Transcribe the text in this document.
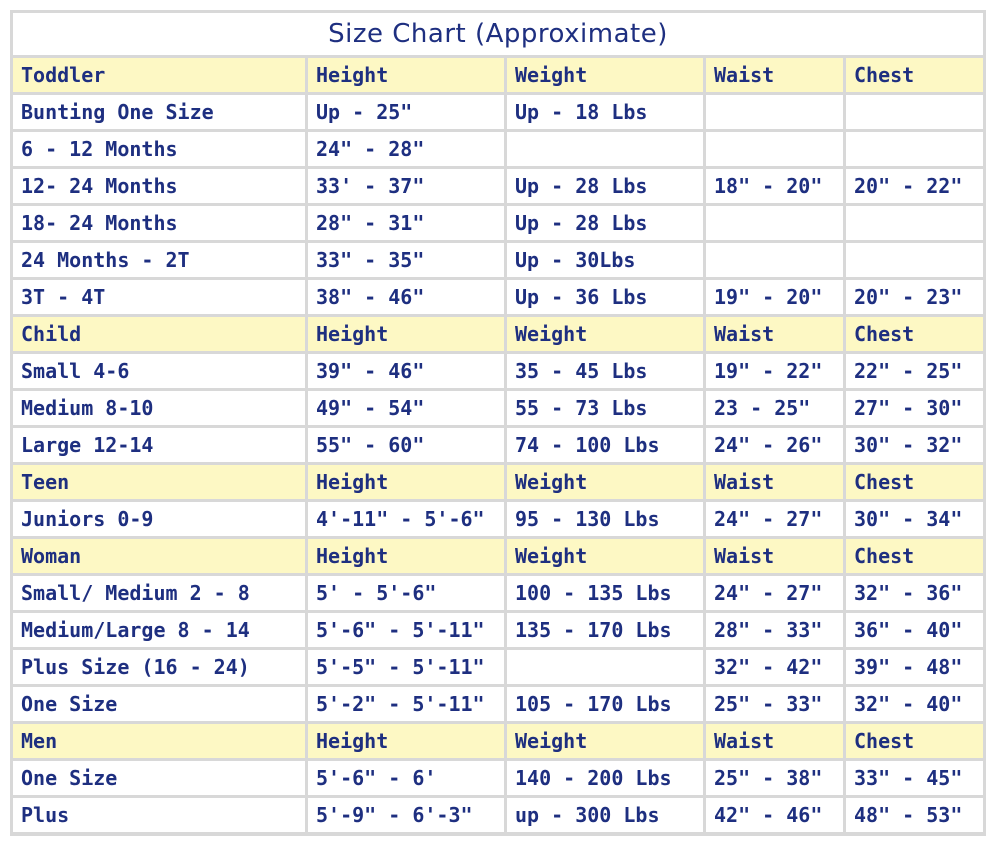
Size Chart (Approximate)
Toddler	Height	Weight	Waist	Chest
Bunting One Size	Up - 25"	Up - 18 Lbs		
6 - 12 Months	24" - 28"			
12- 24 Months	33' - 37"	Up - 28 Lbs	18" - 20"	20" - 22"
18- 24 Months	28" - 31"	Up - 28 Lbs		
24 Months - 2T	33" - 35"	Up - 30Lbs		
3T - 4T	38" - 46"	Up - 36 Lbs	19" - 20"	20" - 23"
Child	Height	Weight	Waist	Chest
Small 4-6	39" - 46"	35 - 45 Lbs	19" - 22"	22" - 25"
Medium 8-10	49" - 54"	55 - 73 Lbs	23 - 25"	27" - 30"
Large 12-14	55" - 60"	74 - 100 Lbs	24" - 26"	30" - 32"
Teen	Height	Weight	Waist	Chest
Juniors 0-9	4'-11" - 5'-6"	95 - 130 Lbs	24" - 27"	30" - 34"
Woman	Height	Weight	Waist	Chest
Small/ Medium 2 - 8	5' - 5'-6"	100 - 135 Lbs	24" - 27"	32" - 36"
Medium/Large 8 - 14	5'-6" - 5'-11"	135 - 170 Lbs	28" - 33"	36" - 40"
Plus Size (16 - 24)	5'-5" - 5'-11"		32" - 42"	39" - 48"
One Size	5'-2" - 5'-11"	105 - 170 Lbs	25" - 33"	32" - 40"
Men	Height	Weight	Waist	Chest
One Size	5'-6" - 6'	140 - 200 Lbs	25" - 38"	33" - 45"
Plus	5'-9" - 6'-3"	up - 300 Lbs	42" - 46"	48" - 53"
